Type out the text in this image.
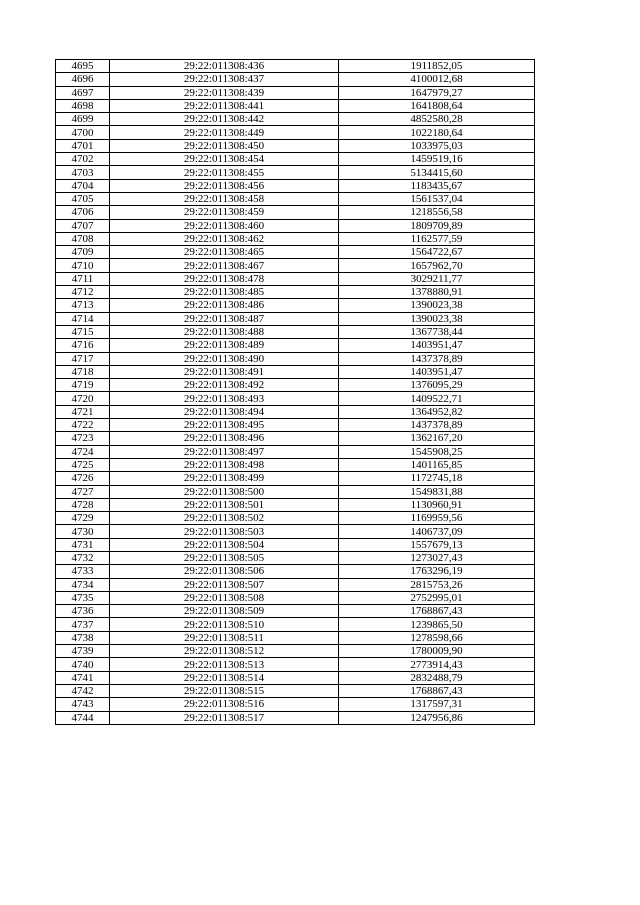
4695	29:22:011308:436	1911852,05
4696	29:22:011308:437	4100012,68
4697	29:22:011308:439	1647979,27
4698	29:22:011308:441	1641808,64
4699	29:22:011308:442	4852580,28
4700	29:22:011308:449	1022180,64
4701	29:22:011308:450	1033975,03
4702	29:22:011308:454	1459519,16
4703	29:22:011308:455	5134415,60
4704	29:22:011308:456	1183435,67
4705	29:22:011308:458	1561537,04
4706	29:22:011308:459	1218556,58
4707	29:22:011308:460	1809709,89
4708	29:22:011308:462	1162577,59
4709	29:22:011308:465	1564722,67
4710	29:22:011308:467	1657962,70
4711	29:22:011308:478	3029211,77
4712	29:22:011308:485	1378880,91
4713	29:22:011308:486	1390023,38
4714	29:22:011308:487	1390023,38
4715	29:22:011308:488	1367738,44
4716	29:22:011308:489	1403951,47
4717	29:22:011308:490	1437378,89
4718	29:22:011308:491	1403951,47
4719	29:22:011308:492	1376095,29
4720	29:22:011308:493	1409522,71
4721	29:22:011308:494	1364952,82
4722	29:22:011308:495	1437378,89
4723	29:22:011308:496	1362167,20
4724	29:22:011308:497	1545908,25
4725	29:22:011308:498	1401165,85
4726	29:22:011308:499	1172745,18
4727	29:22:011308:500	1549831,88
4728	29:22:011308:501	1130960,91
4729	29:22:011308:502	1169959,56
4730	29:22:011308:503	1406737,09
4731	29:22:011308:504	1557679,13
4732	29:22:011308:505	1273027,43
4733	29:22:011308:506	1763296,19
4734	29:22:011308:507	2815753,26
4735	29:22:011308:508	2752995,01
4736	29:22:011308:509	1768867,43
4737	29:22:011308:510	1239865,50
4738	29:22:011308:511	1278598,66
4739	29:22:011308:512	1780009,90
4740	29:22:011308:513	2773914,43
4741	29:22:011308:514	2832488,79
4742	29:22:011308:515	1768867,43
4743	29:22:011308:516	1317597,31
4744	29:22:011308:517	1247956,86
